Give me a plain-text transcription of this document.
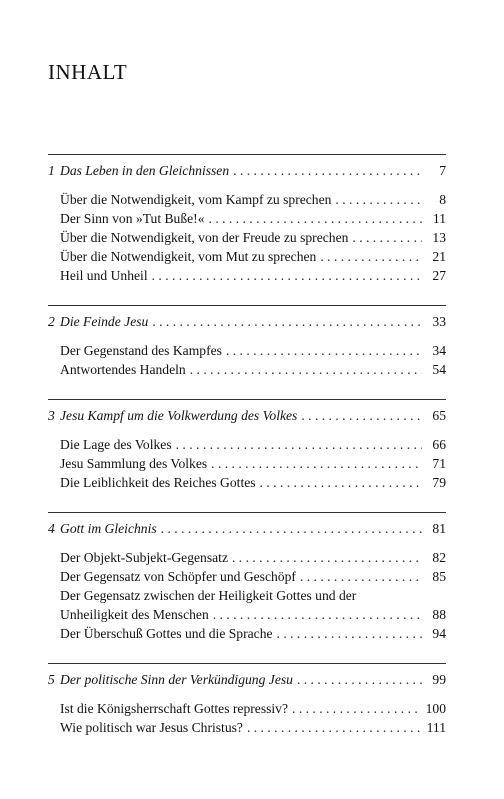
INHALT
1 Das Leben in den Gleichnissen . . .	7
Über die Notwendigkeit, vom Kampf zu sprechen . . .	8
Der Sinn von »Tut Buße!« . . .	11
Über die Notwendigkeit, von der Freude zu sprechen . . .	13
Über die Notwendigkeit, vom Mut zu sprechen . . .	21
Heil und Unheil . . .	27
2 Die Feinde Jesu . . .	33
Der Gegenstand des Kampfes . . .	34
Antwortendes Handeln . . .	54
3 Jesu Kampf um die Volkwerdung des Volkes . . .	65
Die Lage des Volkes . . .	66
Jesu Sammlung des Volkes . . .	71
Die Leiblichkeit des Reiches Gottes . . .	79
4 Gott im Gleichnis . . .	81
Der Objekt-Subjekt-Gegensatz . . .	82
Der Gegensatz von Schöpfer und Geschöpf . . .	85
Der Gegensatz zwischen der Heiligkeit Gottes und der
Unheiligkeit des Menschen . . .	88
Der Überschuß Gottes und die Sprache . . .	94
5 Der politische Sinn der Verkündigung Jesu . . .	99
Ist die Königsherrschaft Gottes repressiv? . . .	100
Wie politisch war Jesus Christus? . . .	111
